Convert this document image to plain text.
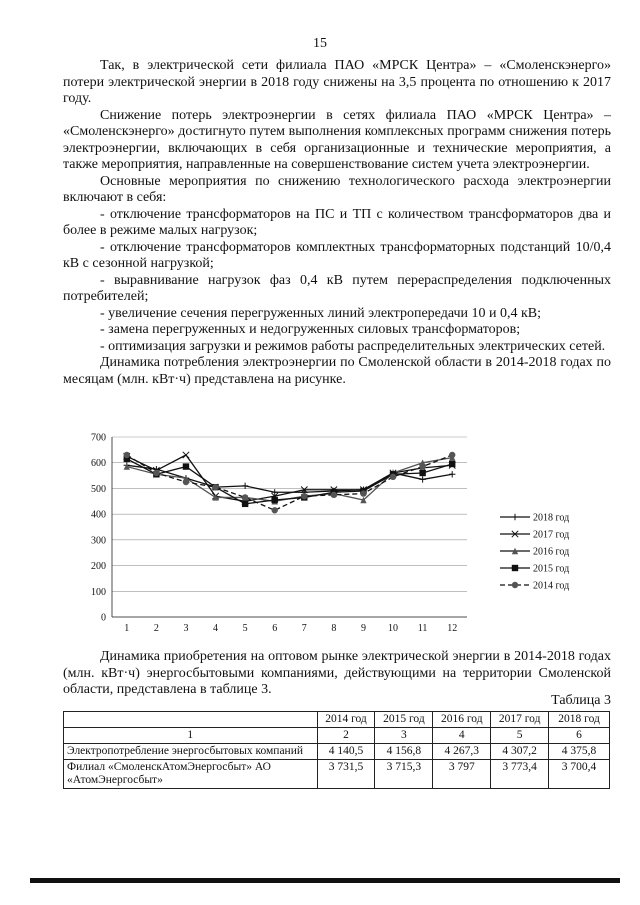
15

Так, в электрической сети филиала ПАО «МРСК Центра» – «Смоленскэнерго» потери электрической энергии в 2018 году снижены на 3,5 процента по отношению к 2017 году.

Снижение потерь электроэнергии в сетях филиала ПАО «МРСК Центра» – «Смоленскэнерго» достигнуто путем выполнения комплексных программ снижения потерь электроэнергии, включающих в себя организационные и технические мероприятия, а также мероприятия, направленные на совершенствование систем учета электроэнергии.

Основные мероприятия по снижению технологического расхода электроэнергии включают в себя:

- отключение трансформаторов на ПС и ТП с количеством трансформаторов два и более в режиме малых нагрузок;

- отключение трансформаторов комплектных трансформаторных подстанций 10/0,4 кВ с сезонной нагрузкой;

- выравнивание нагрузок фаз 0,4 кВ путем перераспределения подключенных потребителей;

- увеличение сечения перегруженных линий электропередачи 10 и 0,4 кВ;

- замена перегруженных и недогруженных силовых трансформаторов;

- оптимизация загрузки и режимов работы распределительных электрических сетей.

Динамика потребления электроэнергии по Смоленской области в 2014-2018 годах по месяцам (млн. кВт·ч) представлена на рисунке.

0
100
200
300
400
500
600
700
1 2 3 4 5 6 7 8 9 10 11 12
2018 год
2017 год
2016 год
2015 год
2014 год

Динамика приобретения на оптовом рынке электрической энергии в 2014-2018 годах (млн. кВт·ч) энергосбытовыми компаниями, действующими на территории Смоленской области, представлена в таблице 3.

Таблица 3
	2014 год	2015 год	2016 год	2017 год	2018 год
1	2	3	4	5	6
Электропотребление энергосбытовых компаний	4 140,5	4 156,8	4 267,3	4 307,2	4 375,8
Филиал «СмоленскАтомЭнергосбыт» АО «АтомЭнергосбыт»	3 731,5	3 715,3	3 797	3 773,4	3 700,4
